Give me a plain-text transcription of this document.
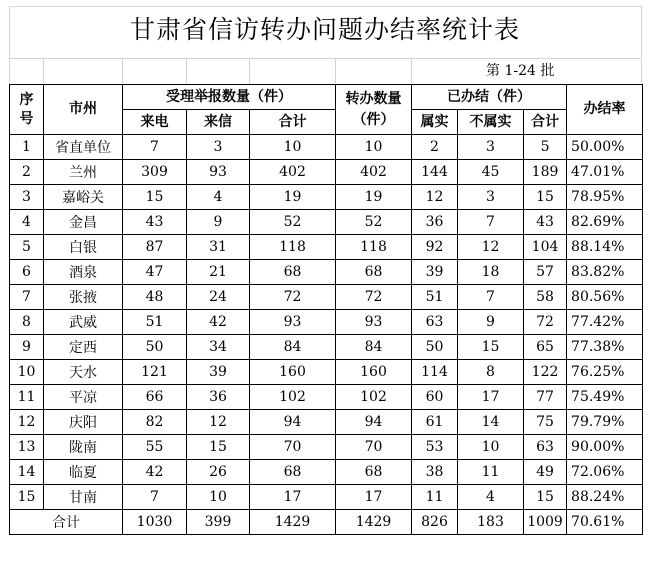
甘肃省信访转办问题办结率统计表
第 1-24 批
序号	市州	受理举报数量（件）			转办数量（件）	已办结（件）			办结率
		来电	来信	合计		属实	不属实	合计	
1	省直单位	7	3	10	10	2	3	5	50.00%
2	兰州	309	93	402	402	144	45	189	47.01%
3	嘉峪关	15	4	19	19	12	3	15	78.95%
4	金昌	43	9	52	52	36	7	43	82.69%
5	白银	87	31	118	118	92	12	104	88.14%
6	酒泉	47	21	68	68	39	18	57	83.82%
7	张掖	48	24	72	72	51	7	58	80.56%
8	武威	51	42	93	93	63	9	72	77.42%
9	定西	50	34	84	84	50	15	65	77.38%
10	天水	121	39	160	160	114	8	122	76.25%
11	平凉	66	36	102	102	60	17	77	75.49%
12	庆阳	82	12	94	94	61	14	75	79.79%
13	陇南	55	15	70	70	53	10	63	90.00%
14	临夏	42	26	68	68	38	11	49	72.06%
15	甘南	7	10	17	17	11	4	15	88.24%
合计		1030	399	1429	1429	826	183	1009	70.61%
